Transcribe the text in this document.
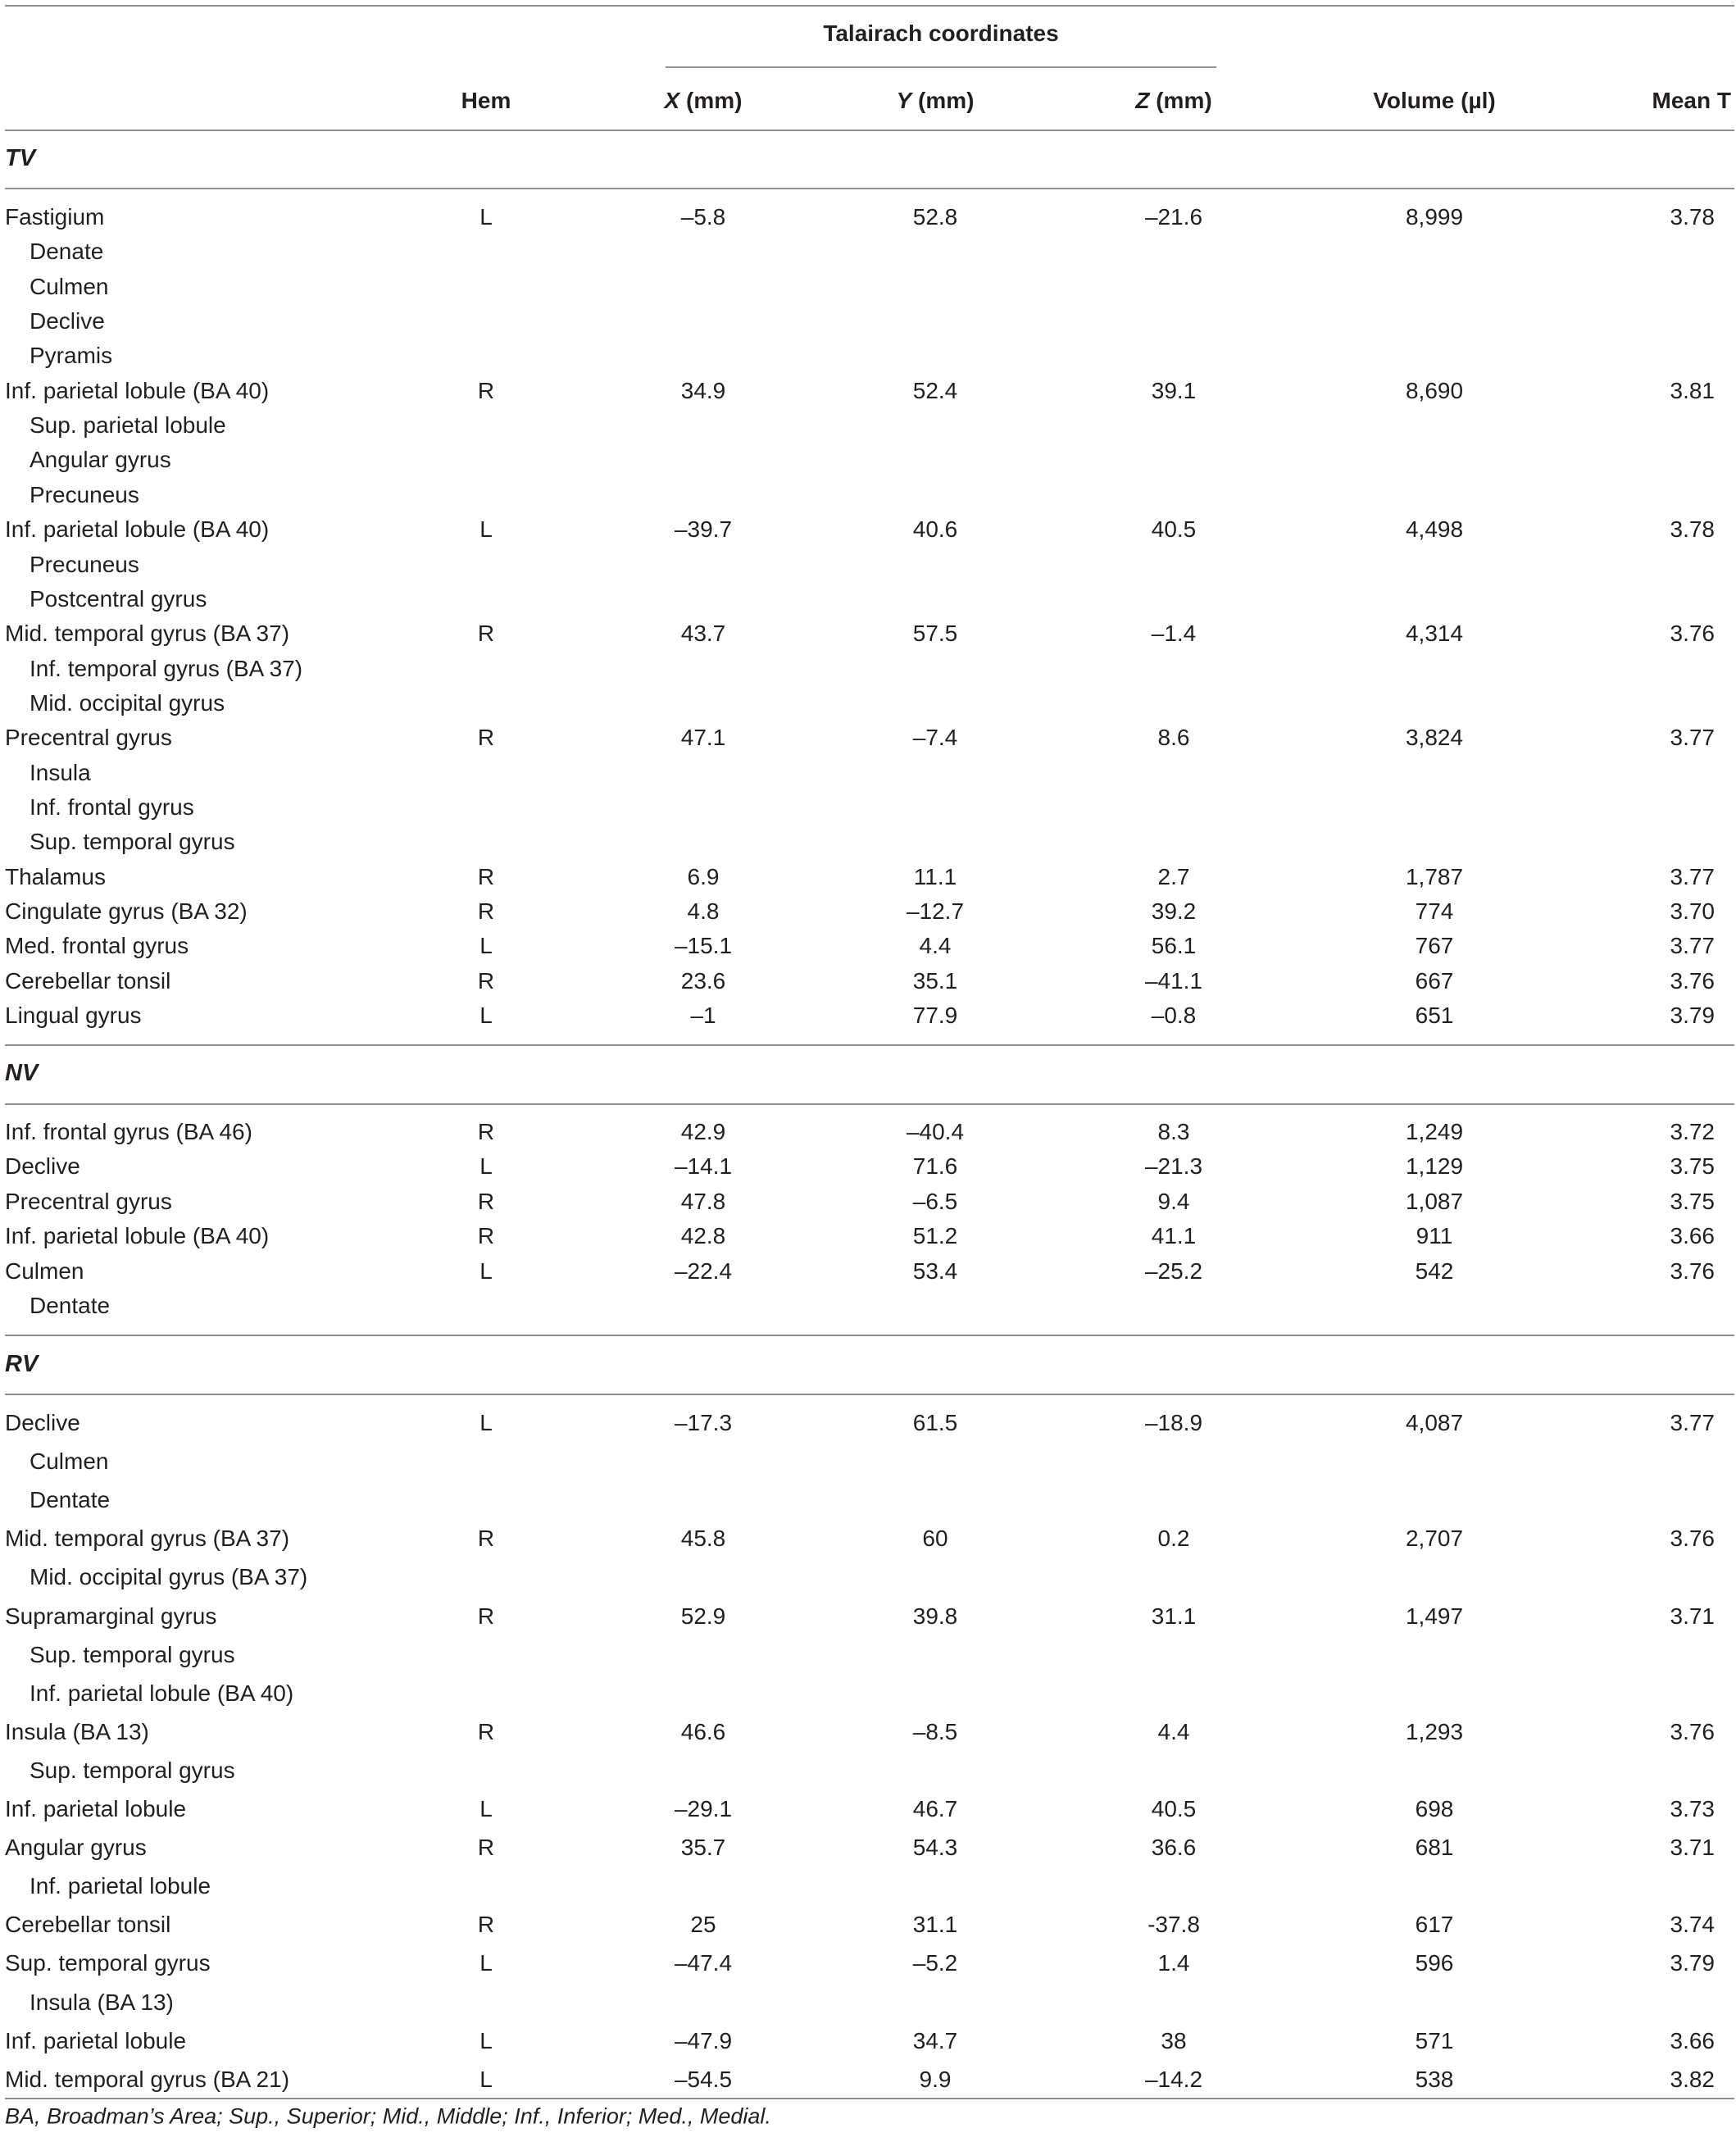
Talairach coordinates
Hem	X (mm)	Y (mm)	Z (mm)	Volume (µl)	Mean T
TV
Fastigium	L	–5.8	52.8	–21.6	8,999	3.78
Denate
Culmen
Declive
Pyramis
Inf. parietal lobule (BA 40)	R	34.9	52.4	39.1	8,690	3.81
Sup. parietal lobule
Angular gyrus
Precuneus
Inf. parietal lobule (BA 40)	L	–39.7	40.6	40.5	4,498	3.78
Precuneus
Postcentral gyrus
Mid. temporal gyrus (BA 37)	R	43.7	57.5	–1.4	4,314	3.76
Inf. temporal gyrus (BA 37)
Mid. occipital gyrus
Precentral gyrus	R	47.1	–7.4	8.6	3,824	3.77
Insula
Inf. frontal gyrus
Sup. temporal gyrus
Thalamus	R	6.9	11.1	2.7	1,787	3.77
Cingulate gyrus (BA 32)	R	4.8	–12.7	39.2	774	3.70
Med. frontal gyrus	L	–15.1	4.4	56.1	767	3.77
Cerebellar tonsil	R	23.6	35.1	–41.1	667	3.76
Lingual gyrus	L	–1	77.9	–0.8	651	3.79
NV
Inf. frontal gyrus (BA 46)	R	42.9	–40.4	8.3	1,249	3.72
Declive	L	–14.1	71.6	–21.3	1,129	3.75
Precentral gyrus	R	47.8	–6.5	9.4	1,087	3.75
Inf. parietal lobule (BA 40)	R	42.8	51.2	41.1	911	3.66
Culmen	L	–22.4	53.4	–25.2	542	3.76
Dentate
RV
Declive	L	–17.3	61.5	–18.9	4,087	3.77
Culmen
Dentate
Mid. temporal gyrus (BA 37)	R	45.8	60	0.2	2,707	3.76
Mid. occipital gyrus (BA 37)
Supramarginal gyrus	R	52.9	39.8	31.1	1,497	3.71
Sup. temporal gyrus
Inf. parietal lobule (BA 40)
Insula (BA 13)	R	46.6	–8.5	4.4	1,293	3.76
Sup. temporal gyrus
Inf. parietal lobule	L	–29.1	46.7	40.5	698	3.73
Angular gyrus	R	35.7	54.3	36.6	681	3.71
Inf. parietal lobule
Cerebellar tonsil	R	25	31.1	-37.8	617	3.74
Sup. temporal gyrus	L	–47.4	–5.2	1.4	596	3.79
Insula (BA 13)
Inf. parietal lobule	L	–47.9	34.7	38	571	3.66
Mid. temporal gyrus (BA 21)	L	–54.5	9.9	–14.2	538	3.82
BA, Broadman’s Area; Sup., Superior; Mid., Middle; Inf., Inferior; Med., Medial.
